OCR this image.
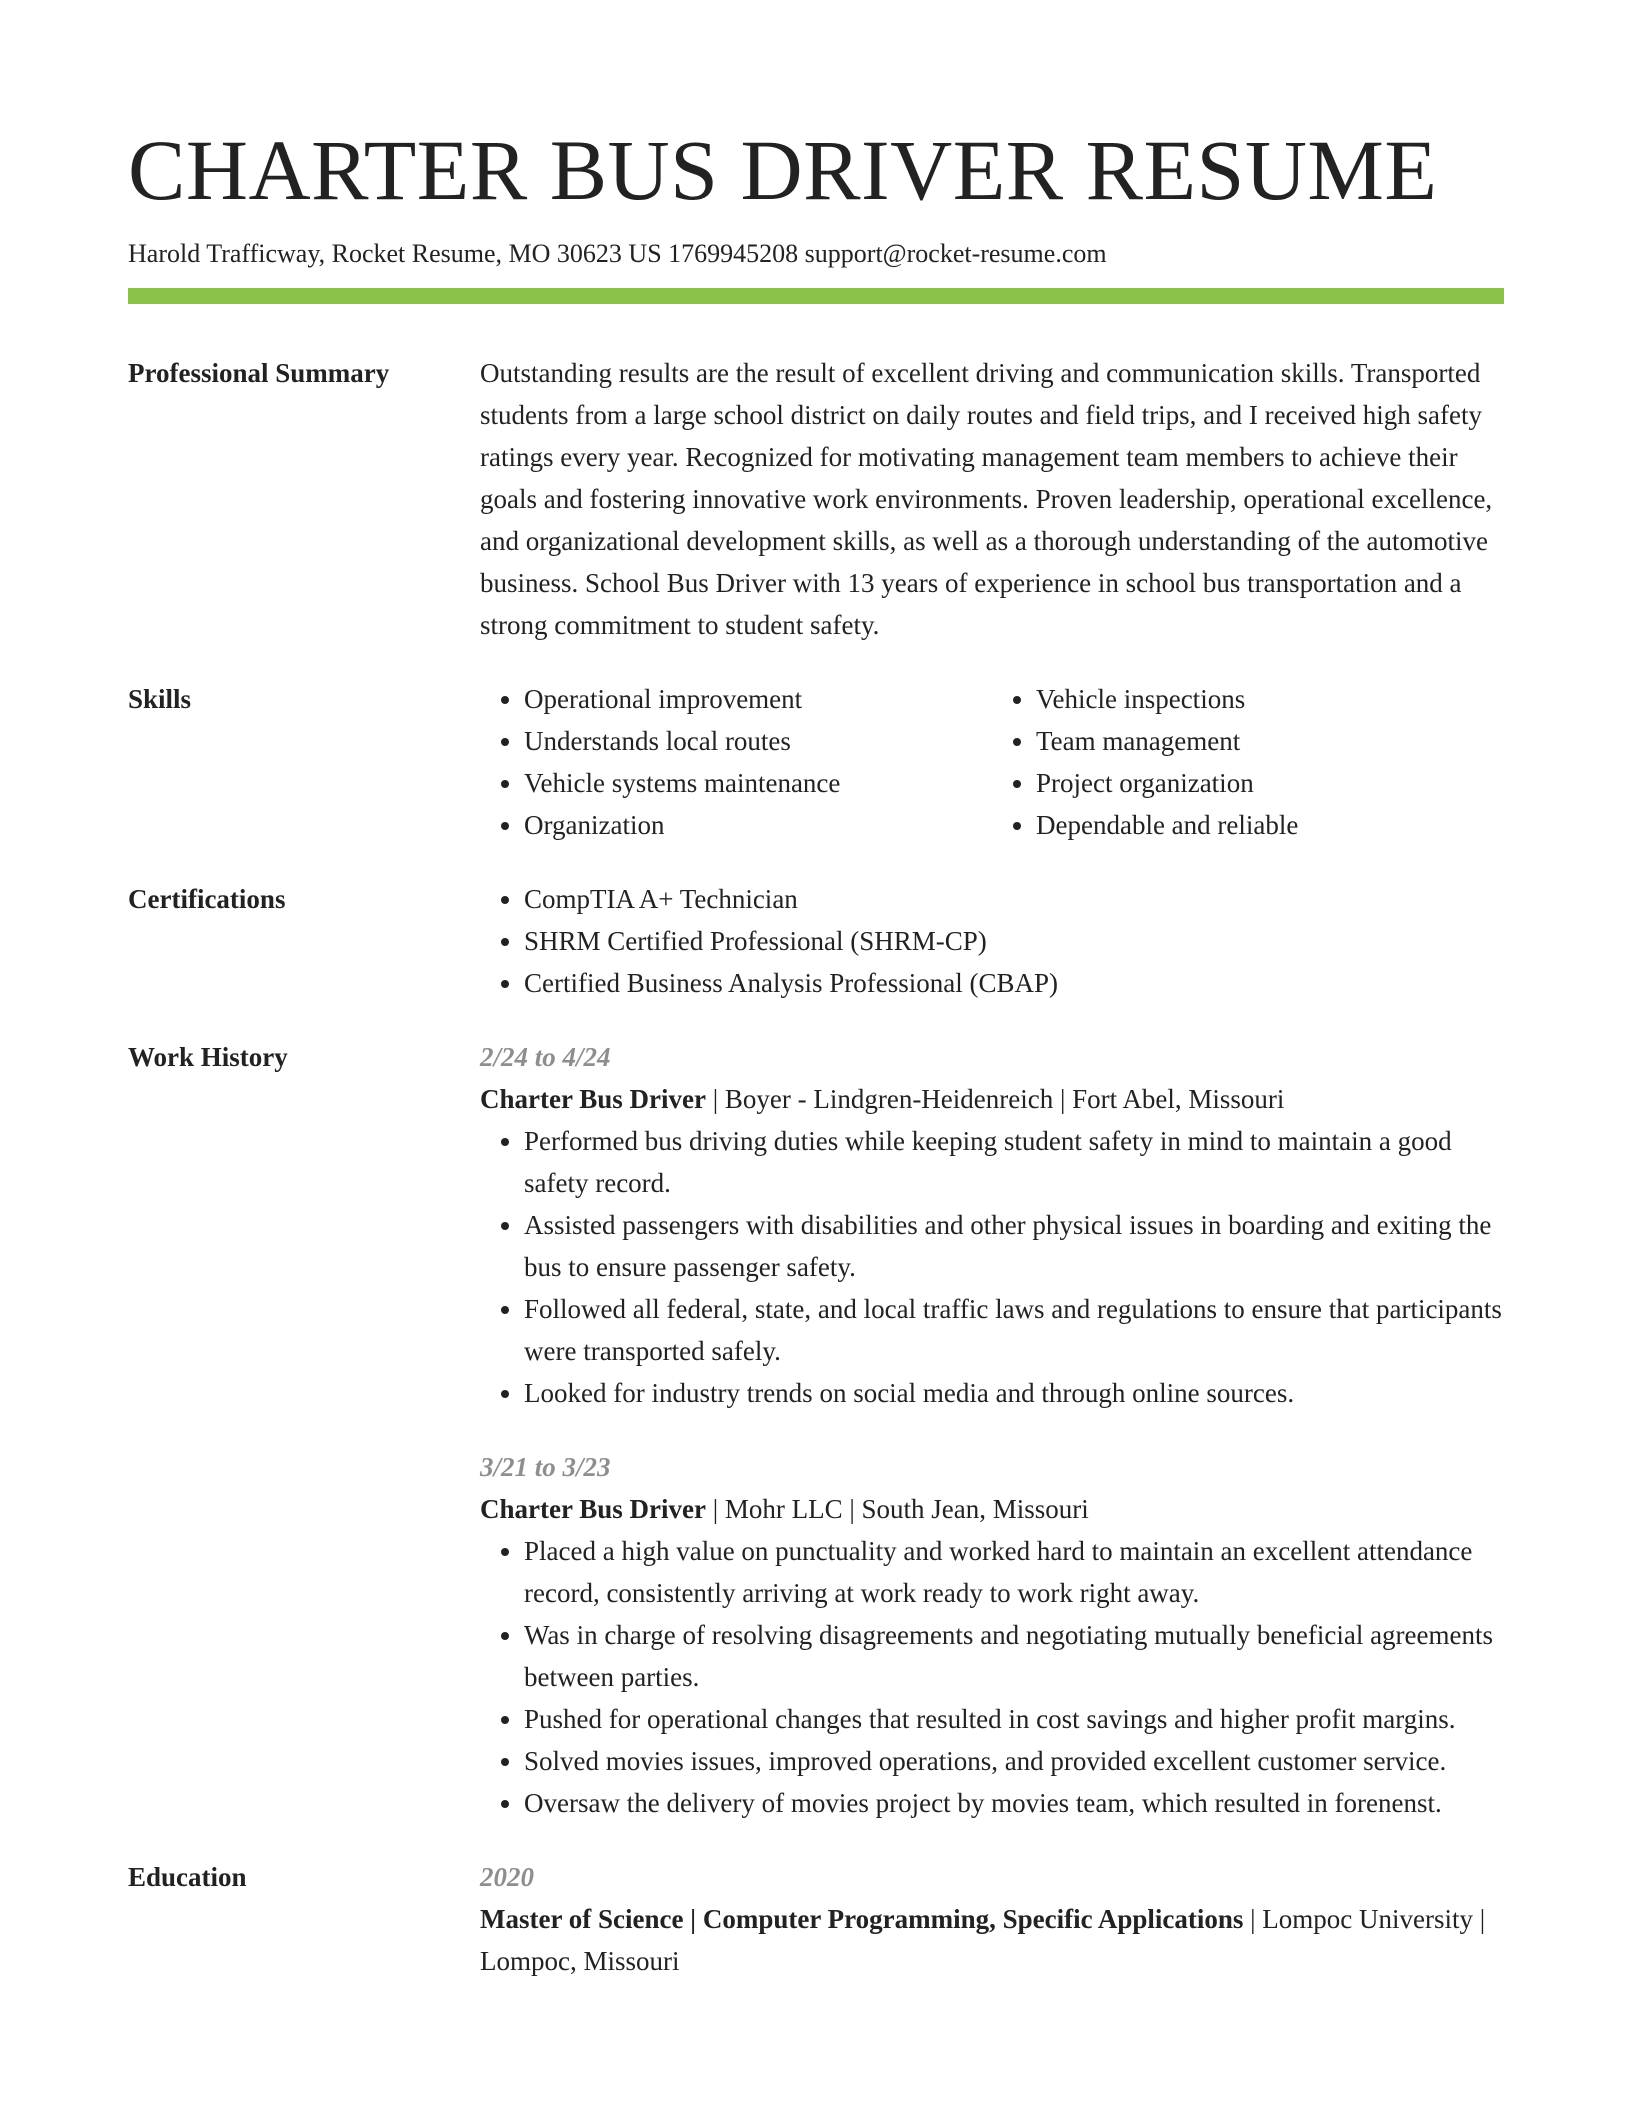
CHARTER BUS DRIVER RESUME
Harold Trafficway, Rocket Resume, MO 30623 US 1769945208 support@rocket-resume.com
Professional Summary	Outstanding results are the result of excellent driving and communication skills. Transported students from a large school district on daily routes and field trips, and I received high safety ratings every year. Recognized for motivating management team members to achieve their goals and fostering innovative work environments. Proven leadership, operational excellence, and organizational development skills, as well as a thorough understanding of the automotive business. School Bus Driver with 13 years of experience in school bus transportation and a strong commitment to student safety.

Skills	• Operational improvement
• Understands local routes
• Vehicle systems maintenance
• Organization
• Vehicle inspections
• Team management
• Project organization
• Dependable and reliable
Certifications	• CompTIA A+ Technician
• SHRM Certified Professional (SHRM-CP)
• Certified Business Analysis Professional (CBAP)
Work History	2/24 to 4/24
Charter Bus Driver | Boyer - Lindgren-Heidenreich | Fort Abel, Missouri
• Performed bus driving duties while keeping student safety in mind to maintain a good safety record.
• Assisted passengers with disabilities and other physical issues in boarding and exiting the bus to ensure passenger safety.
• Followed all federal, state, and local traffic laws and regulations to ensure that participants were transported safely.
• Looked for industry trends on social media and through online sources.
3/21 to 3/23
Charter Bus Driver | Mohr LLC | South Jean, Missouri
• Placed a high value on punctuality and worked hard to maintain an excellent attendance record, consistently arriving at work ready to work right away.
• Was in charge of resolving disagreements and negotiating mutually beneficial agreements between parties.
• Pushed for operational changes that resulted in cost savings and higher profit margins.
• Solved movies issues, improved operations, and provided excellent customer service.
• Oversaw the delivery of movies project by movies team, which resulted in forenenst.
Education	2020
Master of Science | Computer Programming, Specific Applications | Lompoc University | Lompoc, Missouri
